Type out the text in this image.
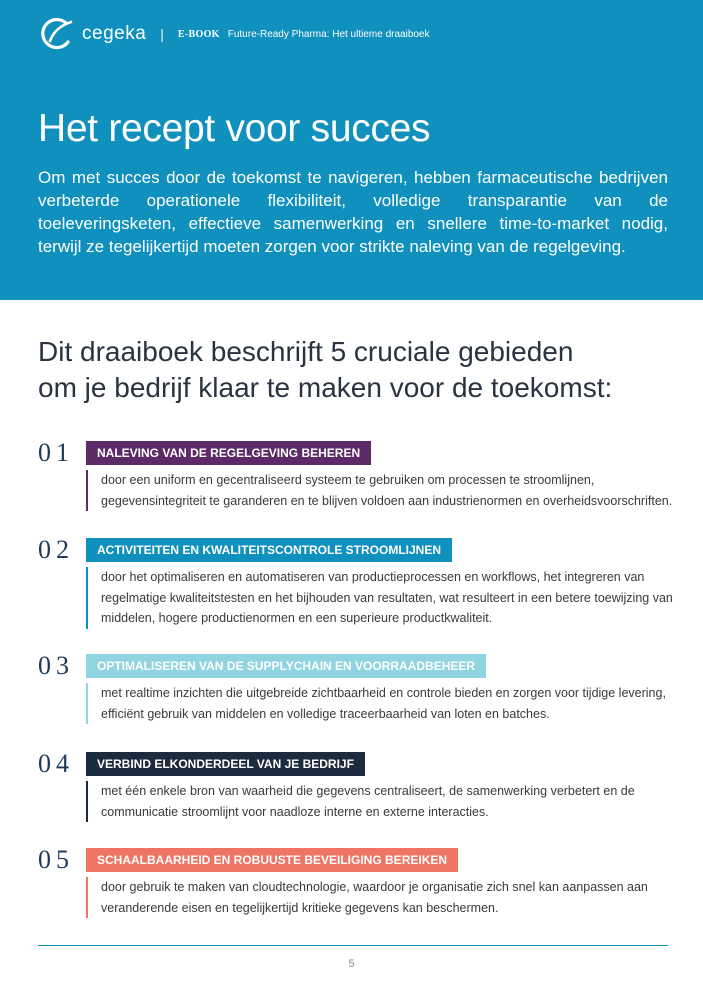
cegeka | E-BOOK Future-Ready Pharma: Het ultieme draaiboek
Het recept voor succes

Om met succes door de toekomst te navigeren, hebben farmaceutische bedrijven verbeterde operationele flexibiliteit, volledige transparantie van de toeleveringsketen, effectieve samenwerking en snellere time-to-market nodig, terwijl ze tegelijkertijd moeten zorgen voor strikte naleving van de regelgeving.

Dit draaiboek beschrijft 5 cruciale gebieden
om je bedrijf klaar te maken voor de toekomst:
01	NALEVING VAN DE REGELGEVING BEHEREN

door een uniform en gecentraliseerd systeem te gebruiken om processen te stroomlijnen, gegevensintegriteit te garanderen en te blijven voldoen aan industrienormen en overheidsvoorschriften.

02	ACTIVITEITEN EN KWALITEITSCONTROLE STROOMLIJNEN

door het optimaliseren en automatiseren van productieprocessen en workflows, het integreren van regelmatige kwaliteitstesten en het bijhouden van resultaten, wat resulteert in een betere toewijzing van middelen, hogere productienormen en een superieure productkwaliteit.

03	OPTIMALISEREN VAN DE SUPPLYCHAIN EN VOORRAADBEHEER

met realtime inzichten die uitgebreide zichtbaarheid en controle bieden en zorgen voor tijdige levering, efficiënt gebruik van middelen en volledige traceerbaarheid van loten en batches.

04	VERBIND ELKONDERDEEL VAN JE BEDRIJF

met één enkele bron van waarheid die gegevens centraliseert, de samenwerking verbetert en de communicatie stroomlijnt voor naadloze interne en externe interacties.

05	SCHAALBAARHEID EN ROBUUSTE BEVEILIGING BEREIKEN

door gebruik te maken van cloudtechnologie, waardoor je organisatie zich snel kan aanpassen aan veranderende eisen en tegelijkertijd kritieke gegevens kan beschermen.

5
